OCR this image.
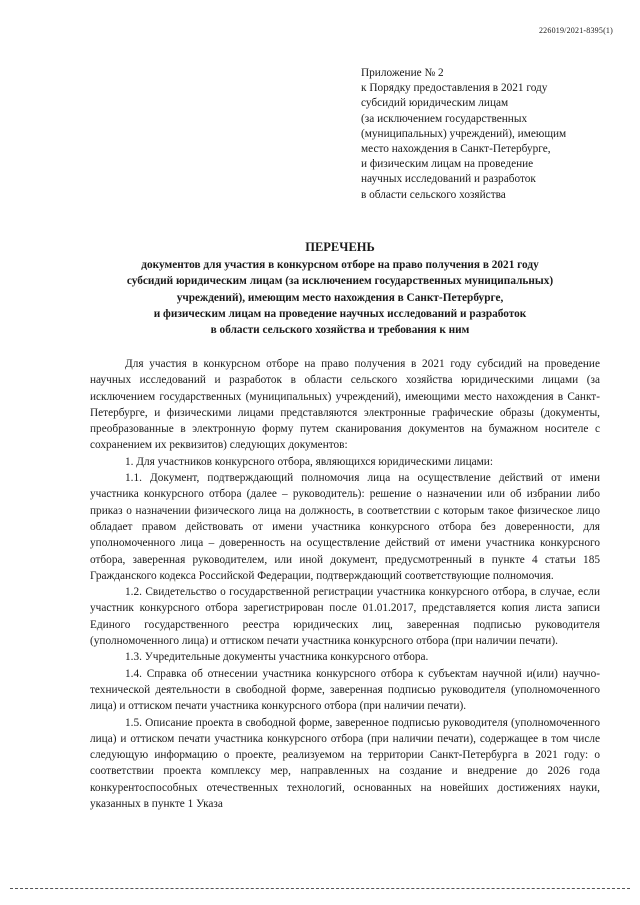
226019/2021-8395(1)
Приложение № 2
к Порядку предоставления в 2021 году
субсидий юридическим лицам
(за исключением государственных
(муниципальных) учреждений), имеющим
место нахождения в Санкт-Петербурге,
и физическим лицам на проведение
научных исследований и разработок
в области сельского хозяйства
ПЕРЕЧЕНЬ
документов для участия в конкурсном отборе на право получения в 2021 году
субсидий юридическим лицам (за исключением государственных муниципальных)
учреждений), имеющим место нахождения в Санкт-Петербурге,
и физическим лицам на проведение научных исследований и разработок
в области сельского хозяйства и требования к ним

Для участия в конкурсном отборе на право получения в 2021 году субсидий на проведение научных исследований и разработок в области сельского хозяйства юридическими лицами (за исключением государственных (муниципальных) учреждений), имеющими место нахождения в Санкт-Петербурге, и физическими лицами представляются электронные графические образы (документы, преобразованные в электронную форму путем сканирования документов на бумажном носителе с сохранением их реквизитов) следующих документов:

1. Для участников конкурсного отбора, являющихся юридическими лицами:

1.1. Документ, подтверждающий полномочия лица на осуществление действий от имени участника конкурсного отбора (далее – руководитель): решение о назначении или об избрании либо приказ о назначении физического лица на должность, в соответствии с которым такое физическое лицо обладает правом действовать от имени участника конкурсного отбора без доверенности, для уполномоченного лица – доверенность на осуществление действий от имени участника конкурсного отбора, заверенная руководителем, или иной документ, предусмотренный в пункте 4 статьи 185 Гражданского кодекса Российской Федерации, подтверждающий соответствующие полномочия.

1.2. Свидетельство о государственной регистрации участника конкурсного отбора, в случае, если участник конкурсного отбора зарегистрирован после 01.01.2017, представляется копия листа записи Единого государственного реестра юридических лиц, заверенная подписью руководителя (уполномоченного лица) и оттиском печати участника конкурсного отбора (при наличии печати).

1.3. Учредительные документы участника конкурсного отбора.

1.4. Справка об отнесении участника конкурсного отбора к субъектам научной и(или) научно-технической деятельности в свободной форме, заверенная подписью руководителя (уполномоченного лица) и оттиском печати участника конкурсного отбора (при наличии печати).

1.5. Описание проекта в свободной форме, заверенное подписью руководителя (уполномоченного лица) и оттиском печати участника конкурсного отбора (при наличии печати), содержащее в том числе следующую информацию о проекте, реализуемом на территории Санкт-Петербурга в 2021 году: о соответствии проекта комплексу мер, направленных на создание и внедрение до 2026 года конкурентоспособных отечественных технологий, основанных на новейших достижениях науки, указанных в пункте 1 Указа
